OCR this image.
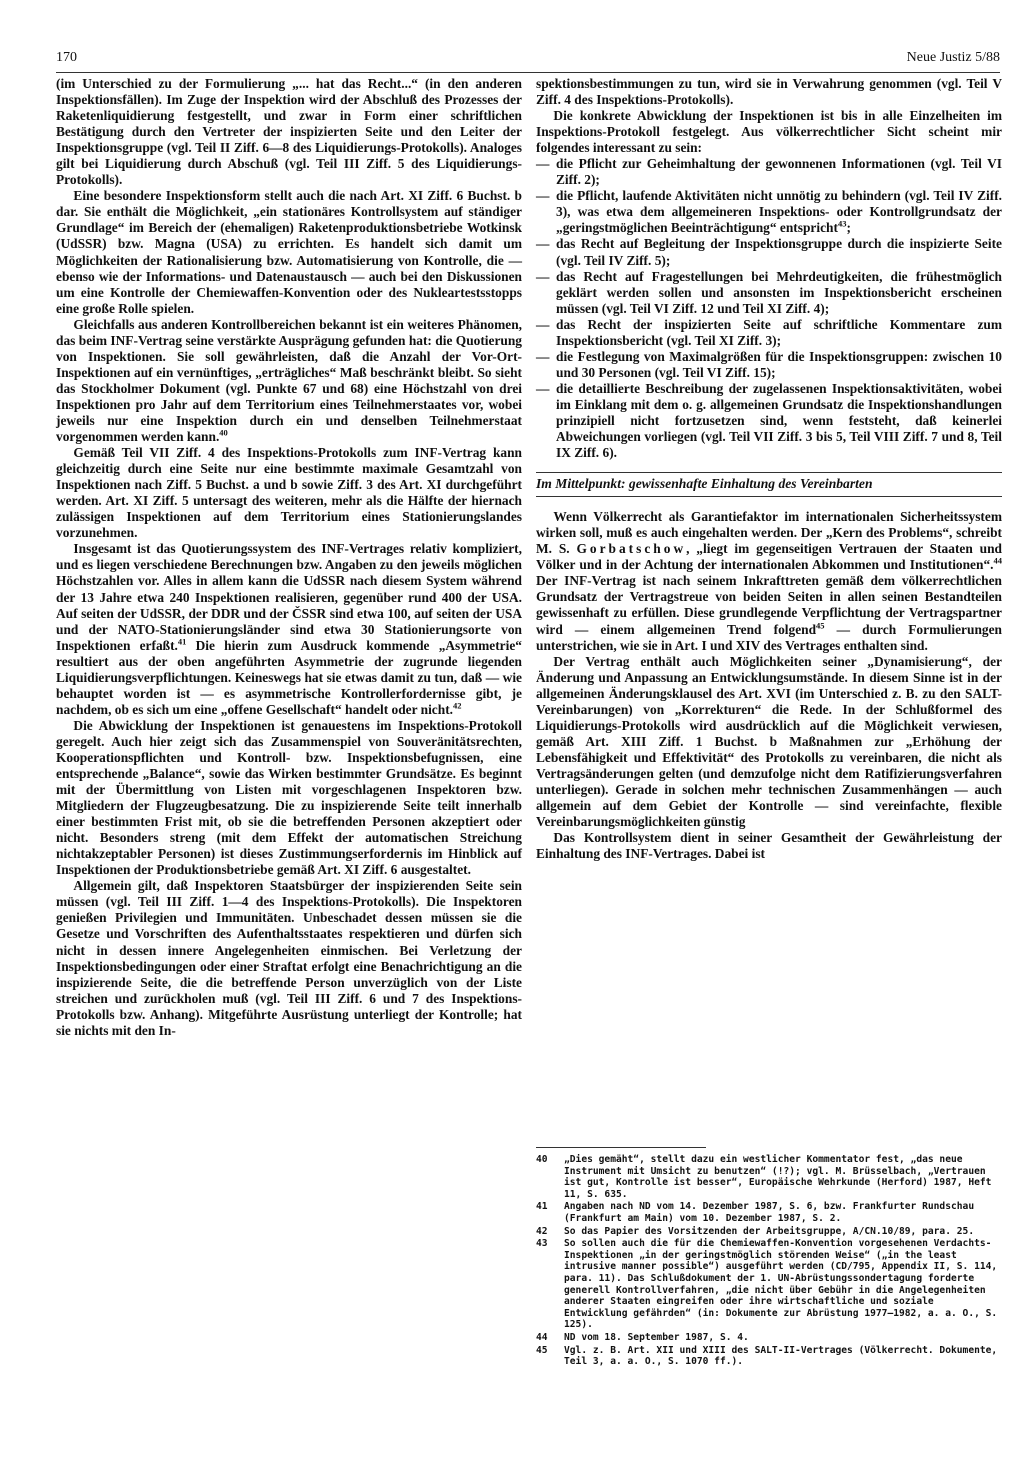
170	Neue Justiz 5/88

(im Unterschied zu der Formulierung „... hat das Recht...“ (in den anderen Inspektionsfällen). Im Zuge der Inspektion wird der Abschluß des Prozesses der Raketenliquidierung festgestellt, und zwar in Form einer schriftlichen Bestätigung durch den Vertreter der inspizierten Seite und den Leiter der Inspektionsgruppe (vgl. Teil II Ziff. 6—8 des Liquidierungs-Protokolls). Analoges gilt bei Liquidierung durch Abschuß (vgl. Teil III Ziff. 5 des Liquidierungs-Protokolls).

Eine besondere Inspektionsform stellt auch die nach Art. XI Ziff. 6 Buchst. b dar. Sie enthält die Möglichkeit, „ein stationäres Kontrollsystem auf ständiger Grundlage“ im Bereich der (ehemaligen) Raketenproduktionsbetriebe Wotkinsk (UdSSR) bzw. Magna (USA) zu errichten. Es handelt sich damit um Möglichkeiten der Rationalisierung bzw. Automatisierung von Kontrolle, die — ebenso wie der Informations- und Datenaustausch — auch bei den Diskussionen um eine Kontrolle der Chemiewaffen-Konvention oder des Nukleartestsstopps eine große Rolle spielen.

Gleichfalls aus anderen Kontrollbereichen bekannt ist ein weiteres Phänomen, das beim INF-Vertrag seine verstärkte Ausprägung gefunden hat: die Quotierung von Inspektionen. Sie soll gewährleisten, daß die Anzahl der Vor-Ort-Inspektionen auf ein vernünftiges, „erträgliches“ Maß beschränkt bleibt. So sieht das Stockholmer Dokument (vgl. Punkte 67 und 68) eine Höchstzahl von drei Inspektionen pro Jahr auf dem Territorium eines Teilnehmerstaates vor, wobei jeweils nur eine Inspektion durch ein und denselben Teilnehmerstaat vorgenommen werden kann.$^{40}$

Gemäß Teil VII Ziff. 4 des Inspektions-Protokolls zum INF-Vertrag kann gleichzeitig durch eine Seite nur eine bestimmte maximale Gesamtzahl von Inspektionen nach Ziff. 5 Buchst. a und b sowie Ziff. 3 des Art. XI durchgeführt werden. Art. XI Ziff. 5 untersagt des weiteren, mehr als die Hälfte der hiernach zulässigen Inspektionen auf dem Territorium eines Stationierungslandes vorzunehmen.

Insgesamt ist das Quotierungssystem des INF-Vertrages relativ kompliziert, und es liegen verschiedene Berechnungen bzw. Angaben zu den jeweils möglichen Höchstzahlen vor. Alles in allem kann die UdSSR nach diesem System während der 13 Jahre etwa 240 Inspektionen realisieren, gegenüber rund 400 der USA. Auf seiten der UdSSR, der DDR und der ČSSR sind etwa 100, auf seiten der USA und der NATO-Stationierungsländer sind etwa 30 Stationierungsorte von Inspektionen erfaßt.$^{41}$ Die hierin zum Ausdruck kommende „Asymmetrie“ resultiert aus der oben angeführten Asymmetrie der zugrunde liegenden Liquidierungsverpflichtungen. Keineswegs hat sie etwas damit zu tun, daß — wie behauptet worden ist — es asymmetrische Kontrollerfordernisse gibt, je nachdem, ob es sich um eine „offene Gesellschaft“ handelt oder nicht.$^{42}$

Die Abwicklung der Inspektionen ist genauestens im Inspektions-Protokoll geregelt. Auch hier zeigt sich das Zusammenspiel von Souveränitätsrechten, Kooperationspflichten und Kontroll- bzw. Inspektionsbefugnissen, eine entsprechende „Balance“, sowie das Wirken bestimmter Grundsätze. Es beginnt mit der Übermittlung von Listen mit vorgeschlagenen Inspektoren bzw. Mitgliedern der Flugzeugbesatzung. Die zu inspizierende Seite teilt innerhalb einer bestimmten Frist mit, ob sie die betreffenden Personen akzeptiert oder nicht. Besonders streng (mit dem Effekt der automatischen Streichung nichtakzeptabler Personen) ist dieses Zustimmungserfordernis im Hinblick auf Inspektionen der Produktionsbetriebe gemäß Art. XI Ziff. 6 ausgestaltet.

Allgemein gilt, daß Inspektoren Staatsbürger der inspizierenden Seite sein müssen (vgl. Teil III Ziff. 1—4 des Inspektions-Protokolls). Die Inspektoren genießen Privilegien und Immunitäten. Unbeschadet dessen müssen sie die Gesetze und Vorschriften des Aufenthaltsstaates respektieren und dürfen sich nicht in dessen innere Angelegenheiten einmischen. Bei Verletzung der Inspektionsbedingungen oder einer Straftat erfolgt eine Benachrichtigung an die inspizierende Seite, die die betreffende Person unverzüglich von der Liste streichen und zurückholen muß (vgl. Teil III Ziff. 6 und 7 des Inspektions-Protokolls bzw. Anhang). Mitgeführte Ausrüstung unterliegt der Kontrolle; hat sie nichts mit den In-

spektionsbestimmungen zu tun, wird sie in Verwahrung genommen (vgl. Teil V Ziff. 4 des Inspektions-Protokolls).

Die konkrete Abwicklung der Inspektionen ist bis in alle Einzelheiten im Inspektions-Protokoll festgelegt. Aus völkerrechtlicher Sicht scheint mir folgendes interessant zu sein:

— die Pflicht zur Geheimhaltung der gewonnenen Informationen (vgl. Teil VI Ziff. 2);
— die Pflicht, laufende Aktivitäten nicht unnötig zu behindern (vgl. Teil IV Ziff. 3), was etwa dem allgemeineren Inspektions- oder Kontrollgrundsatz der „geringstmöglichen Beeinträchtigung“ entspricht$^{43}$;
— das Recht auf Begleitung der Inspektionsgruppe durch die inspizierte Seite (vgl. Teil IV Ziff. 5);
— das Recht auf Fragestellungen bei Mehrdeutigkeiten, die frühestmöglich geklärt werden sollen und ansonsten im Inspektionsbericht erscheinen müssen (vgl. Teil VI Ziff. 12 und Teil XI Ziff. 4);
— das Recht der inspizierten Seite auf schriftliche Kommentare zum Inspektionsbericht (vgl. Teil XI Ziff. 3);
— die Festlegung von Maximalgrößen für die Inspektionsgruppen: zwischen 10 und 30 Personen (vgl. Teil VI Ziff. 15);
— die detaillierte Beschreibung der zugelassenen Inspektionsaktivitäten, wobei im Einklang mit dem o. g. allgemeinen Grundsatz die Inspektionshandlungen prinzipiell nicht fortzusetzen sind, wenn feststeht, daß keinerlei Abweichungen vorliegen (vgl. Teil VII Ziff. 3 bis 5, Teil VIII Ziff. 7 und 8, Teil IX Ziff. 6).
Im Mittelpunkt: gewissenhafte Einhaltung des Vereinbarten

Wenn Völkerrecht als Garantiefaktor im internationalen Sicherheitssystem wirken soll, muß es auch eingehalten werden. Der „Kern des Problems“, schreibt M. S. Gorbatschow, „liegt im gegenseitigen Vertrauen der Staaten und Völker und in der Achtung der internationalen Abkommen und Institutionen“.$^{44}$ Der INF-Vertrag ist nach seinem Inkrafttreten gemäß dem völkerrechtlichen Grundsatz der Vertragstreue von beiden Seiten in allen seinen Bestandteilen gewissenhaft zu erfüllen. Diese grundlegende Verpflichtung der Vertragspartner wird — einem allgemeinen Trend folgend$^{45}$ — durch Formulierungen unterstrichen, wie sie in Art. I und XIV des Vertrages enthalten sind.

Der Vertrag enthält auch Möglichkeiten seiner „Dynamisierung“, der Änderung und Anpassung an Entwicklungsumstände. In diesem Sinne ist in der allgemeinen Änderungsklausel des Art. XVI (im Unterschied z. B. zu den SALT-Vereinbarungen) von „Korrekturen“ die Rede. In der Schlußformel des Liquidierungs-Protokolls wird ausdrücklich auf die Möglichkeit verwiesen, gemäß Art. XIII Ziff. 1 Buchst. b Maßnahmen zur „Erhöhung der Lebensfähigkeit und Effektivität“ des Protokolls zu vereinbaren, die nicht als Vertragsänderungen gelten (und demzufolge nicht dem Ratifizierungsverfahren unterliegen). Gerade in solchen mehr technischen Zusammenhängen — auch allgemein auf dem Gebiet der Kontrolle — sind vereinfachte, flexible Vereinbarungsmöglichkeiten günstig

Das Kontrollsystem dient in seiner Gesamtheit der Gewährleistung der Einhaltung des INF-Vertrages. Dabei ist

40 „Dies gemäht“, stellt dazu ein westlicher Kommentator fest, „das neue Instrument mit Umsicht zu benutzen“ (!?); vgl. M. Brüsselbach, „Vertrauen ist gut, Kontrolle ist besser“, Europäische Wehrkunde (Herford) 1987, Heft 11, S. 635.
41 Angaben nach ND vom 14. Dezember 1987, S. 6, bzw. Frankfurter Rundschau (Frankfurt am Main) vom 10. Dezember 1987, S. 2.
42 So das Papier des Vorsitzenden der Arbeitsgruppe, A/CN.10/89, para. 25.
43 So sollen auch die für die Chemiewaffen-Konvention vorgesehenen Verdachts-Inspektionen „in der geringstmöglich störenden Weise“ („in the least intrusive manner possible“) ausgeführt werden (CD/795, Appendix II, S. 114, para. 11). Das Schlußdokument der 1. UN-Abrüstungssondertagung forderte generell Kontrollverfahren, „die nicht über Gebühr in die Angelegenheiten anderer Staaten eingreifen oder ihre wirtschaftliche und soziale Entwicklung gefährden“ (in: Dokumente zur Abrüstung 1977—1982, a. a. O., S. 125).
44 ND vom 18. September 1987, S. 4.
45 Vgl. z. B. Art. XII und XIII des SALT-II-Vertrages (Völkerrecht. Dokumente, Teil 3, a. a. O., S. 1070 ff.).
